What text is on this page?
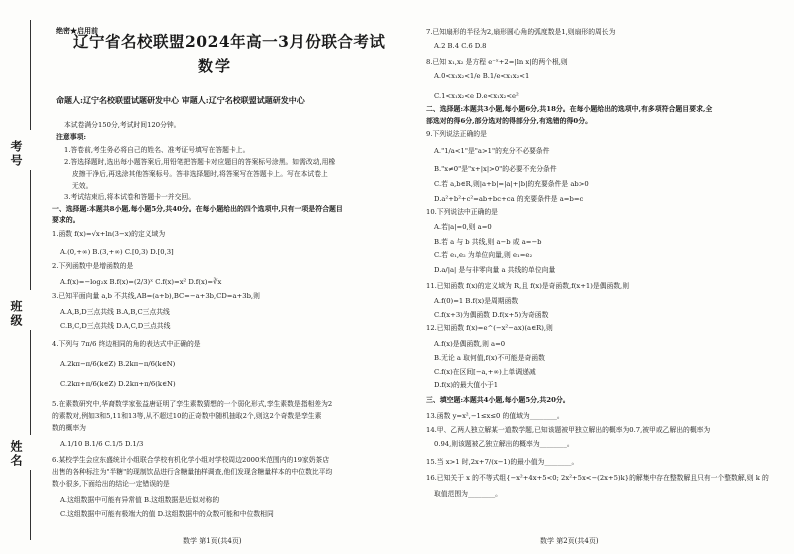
考号
班级
姓名
绝密★启用前
辽宁省名校联盟2024年高一3月份联合考试
数学
命题人:辽宁名校联盟试题研发中心 审题人:辽宁名校联盟试题研发中心
本试卷满分150分,考试时间120分钟。
注意事项:
1.答卷前,考生务必将自己的姓名、准考证号填写在答题卡上。
2.答选择题时,选出每小题答案后,用铅笔把答题卡对应题目的答案标号涂黑。如需改动,用橡
皮擦干净后,再选涂其他答案标号。答非选择题时,将答案写在答题卡上。写在本试卷上
无效。
3.考试结束后,将本试卷和答题卡一并交回。
一、选择题:本题共8小题,每小题5分,共40分。在每小题给出的四个选项中,只有一项是符合题目
要求的。
1.函数 f(x)=√x+ln(3−x)的定义域为
A.(0,+∞) B.(3,+∞) C.[0,3) D.[0,3]
2.下列函数中是增函数的是
A.f(x)=−log₂x B.f(x)=(2/3)ˣ C.f(x)=x² D.f(x)=∛x
3.已知平面向量 a,b 不共线,AB=(a+b),BC=−a+3b,CD=a+3b,则
A.A,B,D三点共线 B.A,B,C三点共线
C.B,C,D三点共线 D.A,C,D三点共线
4.下列与 7π/6 终边相同的角的表达式中正确的是
A.2kπ−π/6(k∈Z) B.2kπ−π/6(k∈N)
C.2kπ+π/6(k∈Z) D.2kπ+π/6(k∈N)
5.在素数研究中,华裔数学家张益唐证明了孪生素数猜想的一个弱化形式,孪生素数是指相差为2
的素数对,例如3和5,11和13等,从不超过10的正奇数中随机抽取2个,则这2个奇数是孪生素
数的概率为
A.1/10 B.1/6 C.1/5 D.1/3
6.某校学生会应东盛统计小组联合学校有机化学小组对学校周边2000米范围内的19家奶茶店
出售的各种标注为"半糖"的现制饮品进行含糖量抽样调查,他们发现含糖量样本的中位数比平均
数小很多,下面给出的结论一定错误的是
A.这组数据中可能有异常值 B.这组数据是近似对称的
C.这组数据中可能有极端大的值 D.这组数据中的众数可能和中位数相同
数学 第1页(共4页)
7.已知扇形的半径为2,扇形圆心角的弧度数是1,则扇形的周长为
A.2 B.4 C.6 D.8
8.已知 x₁,x₂ 是方程 e⁻ˣ+2=|ln x|的两个根,则
A.0<x₁x₂<1/e B.1/e<x₁x₂<1
C.1<x₁x₂<e D.e<x₁x₂<e²
二、选择题:本题共3小题,每小题6分,共18分。在每小题给出的选项中,有多项符合题目要求,全
部选对的得6分,部分选对的得部分分,有选错的得0分。
9.下列说法正确的是
A."1/a<1"是"a>1"的充分不必要条件
B."x≠0"是"x+|x|>0"的必要不充分条件
C.若 a,b∈R,则|a+b|=|a|+|b|的充要条件是 ab>0
D.a²+b²+c²=ab+bc+ca 的充要条件是 a=b=c
10.下列说法中正确的是
A.若|a|=0,则 a=0
B.若 a 与 b 共线,则 a−b 或 a=−b
C.若 e₁,e₂ 为单位向量,则 e₁=e₂
D.a/|a| 是与非零向量 a 共线的单位向量
11.已知函数 f(x)的定义域为 R,且 f(x)是奇函数,f(x+1)是偶函数,则
A.f(0)=1 B.f(x)是周期函数
C.f(x+3)为偶函数 D.f(x+5)为奇函数
12.已知函数 f(x)=e^(−x²−ax)(a∈R),则
A.f(x)是偶函数,则 a=0
B.无论 a 取何值,f(x)不可能是奇函数
C.f(x)在区间[−a,+∞)上单调递减
D.f(x)的最大值小于1
三、填空题:本题共4小题,每小题5分,共20分。
13.函数 y=x²,−1≤x≤0 的值域为________。
14.甲、乙两人独立解某一道数学题,已知该题被甲独立解出的概率为0.7,被甲或乙解出的概率为
0.94,则该题被乙独立解出的概率为________。
15.当 x>1 时,2x+7/(x−1)的最小值为________。
16.已知关于 x 的不等式组{−x²+4x+5<0; 2x²+5x<−(2x+5)k}的解集中存在整数解且只有一个整数解,则 k 的
取值范围为________。
数学 第2页(共4页)
